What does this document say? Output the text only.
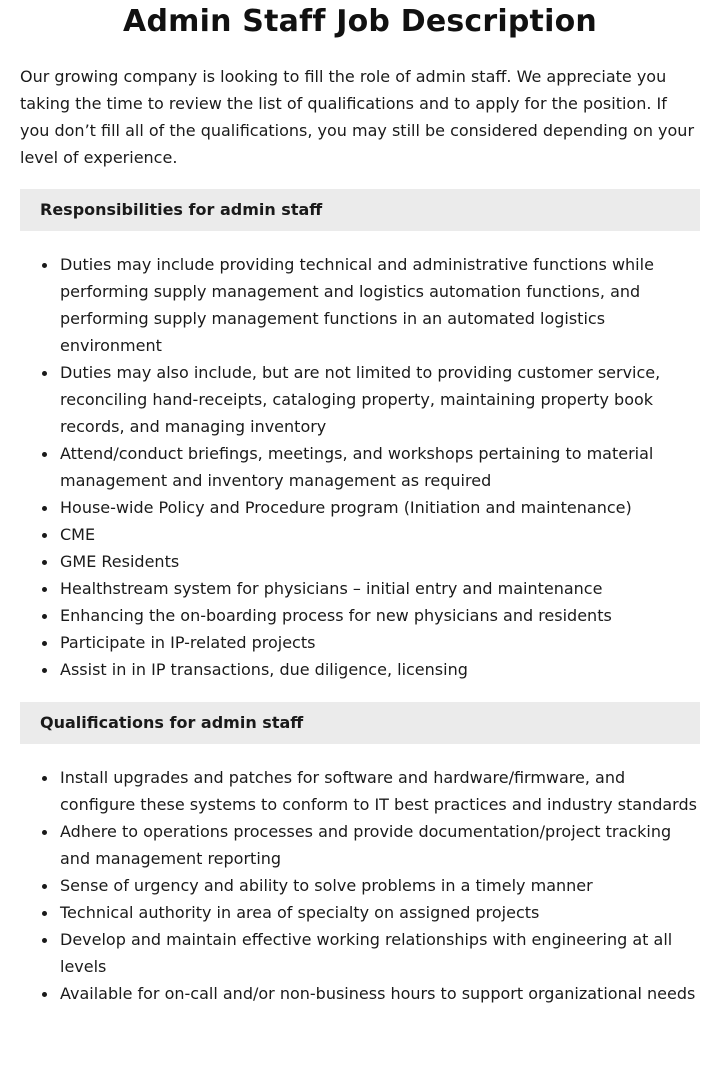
Admin Staff Job Description

Our growing company is looking to fill the role of admin staff. We appreciate you taking the time to review the list of qualifications and to apply for the position. If you don’t fill all of the qualifications, you may still be considered depending on your level of experience.

Responsibilities for admin staff
Duties may include providing technical and administrative functions while performing supply management and logistics automation functions, and performing supply management functions in an automated logistics environment
Duties may also include, but are not limited to providing customer service, reconciling hand-receipts, cataloging property, maintaining property book records, and managing inventory
Attend/conduct briefings, meetings, and workshops pertaining to material management and inventory management as required
House-wide Policy and Procedure program (Initiation and maintenance)
CME
GME Residents
Healthstream system for physicians – initial entry and maintenance
Enhancing the on-boarding process for new physicians and residents
Participate in IP-related projects
Assist in in IP transactions, due diligence, licensing
Qualifications for admin staff
Install upgrades and patches for software and hardware/firmware, and configure these systems to conform to IT best practices and industry standards
Adhere to operations processes and provide documentation/project tracking and management reporting
Sense of urgency and ability to solve problems in a timely manner
Technical authority in area of specialty on assigned projects
Develop and maintain effective working relationships with engineering at all levels
Available for on-call and/or non-business hours to support organizational needs
